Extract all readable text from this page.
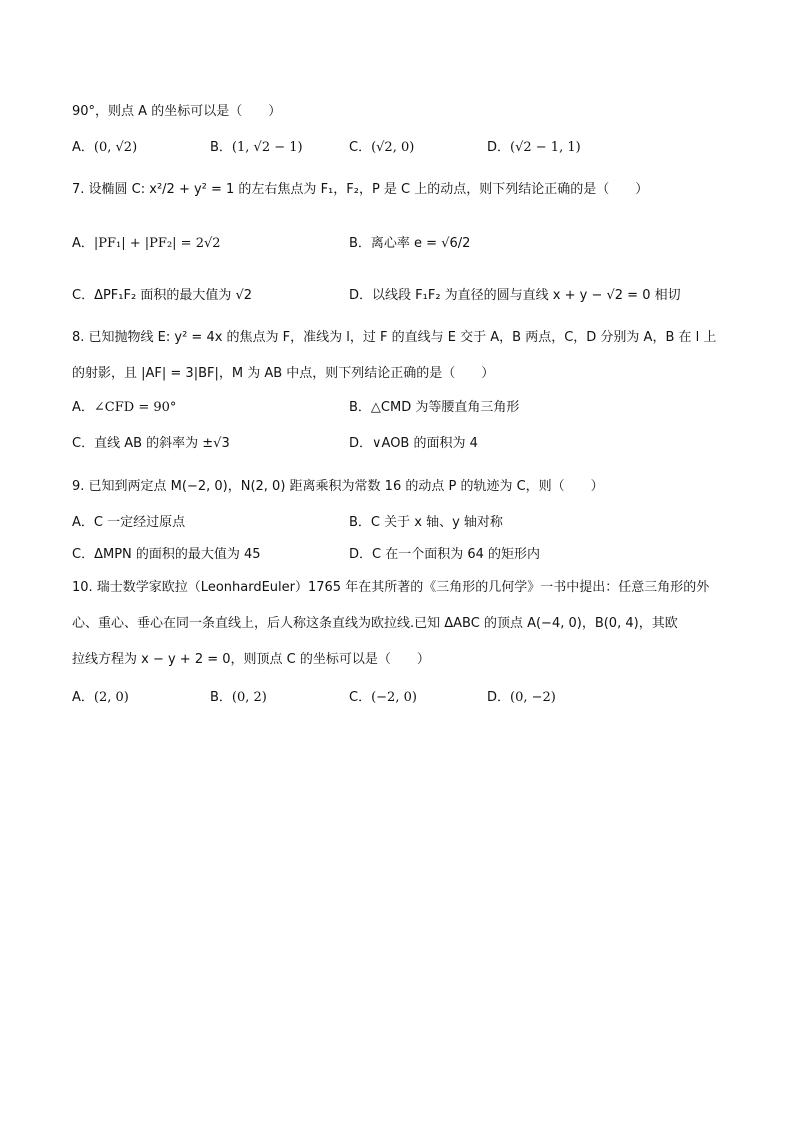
90°，则点 A 的坐标可以是（　　）
A．(0, √2)	B．(1, √2 − 1)	C．(√2, 0)	D．(√2 − 1, 1)
7. 设椭圆 C: x²/2 + y² = 1 的左右焦点为 F₁，F₂，P 是 C 上的动点，则下列结论正确的是（　　）
A．|PF₁| + |PF₂| = 2√2	B．离心率 e = √6/2
C．ΔPF₁F₂ 面积的最大值为 √2	D．以线段 F₁F₂ 为直径的圆与直线 x + y − √2 = 0 相切
8. 已知抛物线 E: y² = 4x 的焦点为 F，准线为 l，过 F 的直线与 E 交于 A，B 两点，C，D 分别为 A，B 在 l 上
的射影，且 |AF| = 3|BF|，M 为 AB 中点，则下列结论正确的是（　　）
A．∠CFD = 90°	B．△CMD 为等腰直角三角形
C．直线 AB 的斜率为 ±√3	D．∨AOB 的面积为 4
9. 已知到两定点 M(−2, 0)，N(2, 0) 距离乘积为常数 16 的动点 P 的轨迹为 C，则（　　）
A．C 一定经过原点	B．C 关于 x 轴、y 轴对称
C．ΔMPN 的面积的最大值为 45	D．C 在一个面积为 64 的矩形内
10. 瑞士数学家欧拉（LeonhardEuler）1765 年在其所著的《三角形的几何学》一书中提出：任意三角形的外
心、重心、垂心在同一条直线上，后人称这条直线为欧拉线.已知 ΔABC 的顶点 A(−4, 0)，B(0, 4)，其欧
拉线方程为 x − y + 2 = 0，则顶点 C 的坐标可以是（　　）
A．(2, 0)	B．(0, 2)	C．(−2, 0)	D．(0, −2)
